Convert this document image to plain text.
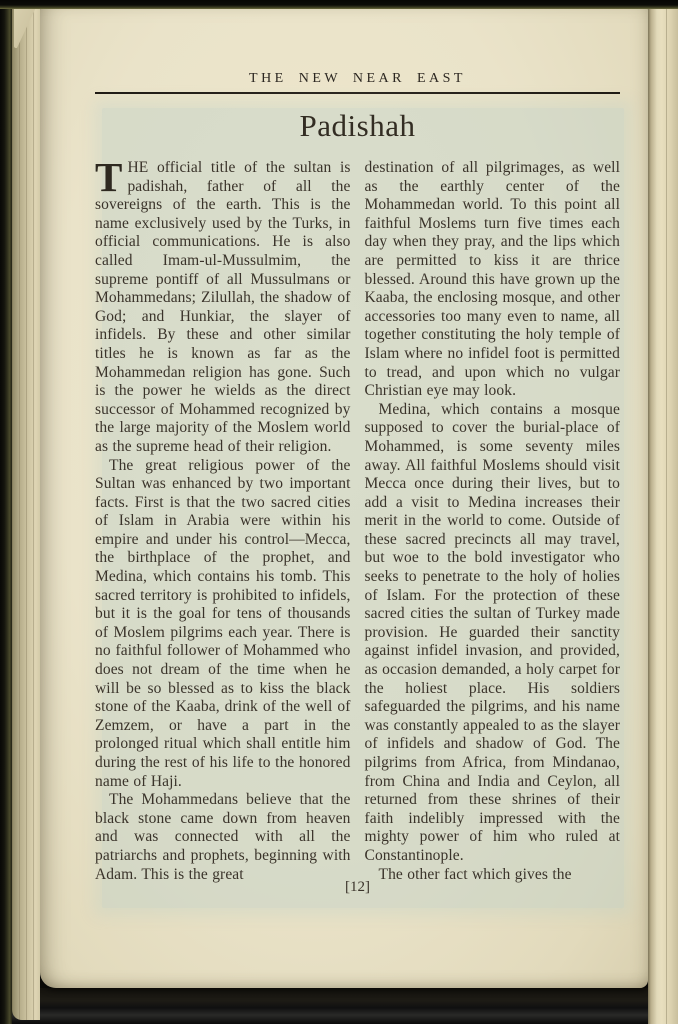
THE NEW NEAR EAST
Padishah

THE official title of the sultan is padishah, father of all the sovereigns of the earth. This is the name exclusively used by the Turks, in official communications. He is also called Imam-ul-Mussulmim, the supreme pontiff of all Mussulmans or Mohammedans; Zilullah, the shadow of God; and Hunkiar, the slayer of infidels. By these and other similar titles he is known as far as the Mohammedan religion has gone. Such is the power he wields as the direct successor of Mohammed recognized by the large majority of the Moslem world as the supreme head of their religion.

The great religious power of the Sultan was enhanced by two important facts. First is that the two sacred cities of Islam in Arabia were within his empire and under his control—Mecca, the birthplace of the prophet, and Medina, which contains his tomb. This sacred territory is prohibited to infidels, but it is the goal for tens of thousands of Moslem pilgrims each year. There is no faithful follower of Mohammed who does not dream of the time when he will be so blessed as to kiss the black stone of the Kaaba, drink of the well of Zemzem, or have a part in the prolonged ritual which shall entitle him during the rest of his life to the honored name of Haji.

The Mohammedans believe that the black stone came down from heaven and was connected with all the patriarchs and prophets, beginning with Adam. This is the great

destination of all pilgrimages, as well as the earthly center of the Mohammedan world. To this point all faithful Moslems turn five times each day when they pray, and the lips which are permitted to kiss it are thrice blessed. Around this have grown up the Kaaba, the enclosing mosque, and other accessories too many even to name, all together constituting the holy temple of Islam where no infidel foot is permitted to tread, and upon which no vulgar Christian eye may look.

Medina, which contains a mosque supposed to cover the burial-place of Mohammed, is some seventy miles away. All faithful Moslems should visit Mecca once during their lives, but to add a visit to Medina increases their merit in the world to come. Outside of these sacred precincts all may travel, but woe to the bold investigator who seeks to penetrate to the holy of holies of Islam. For the protection of these sacred cities the sultan of Turkey made provision. He guarded their sanctity against infidel invasion, and provided, as occasion demanded, a holy carpet for the holiest place. His soldiers safeguarded the pilgrims, and his name was constantly appealed to as the slayer of infidels and shadow of God. The pilgrims from Africa, from Mindanao, from China and India and Ceylon, all returned from these shrines of their faith indelibly impressed with the mighty power of him who ruled at Constantinople.

The other fact which gives the

[12]
